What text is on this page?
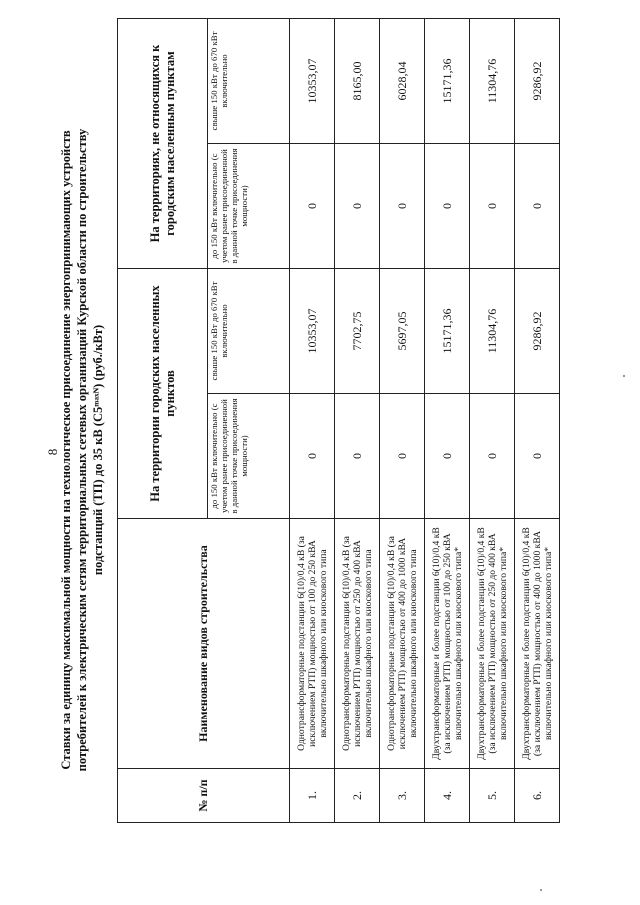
8 Ставки за единицу максимальной мощности на технологическое присоединение энергопринимающих устройств потребителей к электрическим сетям территориальных сетевых организаций Курской области по строительству подстанций (ТП) до 35 кВ (С5ᵐᵃˣᴺ) (руб./кВт)
№ п/п	Наименование видов строительства	На территории городских населенных пунктов		На территориях, не относящихся к городским населенным пунктам	
		до 150 кВт включительно (с учетом ранее присоединенной в данной точке присоединения мощности)	свыше 150 кВт до 670 кВт включительно	до 150 кВт включительно (с учетом ранее присоединенной в данной точке присоединения мощности)	свыше 150 кВт до 670 кВт включительно
1.	Однотрансформаторные подстанции 6(10)/0,4 кВ (за исключением РТП) мощностью от 100 до 250 кВА включительно шкафного или киоскового типа	0	10353,07	0	10353,07
2.	Однотрансформаторные подстанции 6(10)/0,4 кВ (за исключением РТП) мощностью от 250 до 400 кВА включительно шкафного или киоскового типа	0	7702,75	0	8165,00
3.	Однотрансформаторные подстанции 6(10)/0,4 кВ (за исключением РТП) мощностью от 400 до 1000 кВА включительно шкафного или киоскового типа	0	5697,05	0	6028,04
4.	Двухтрансформаторные и более подстанции 6(10)/0,4 кВ (за исключением РТП) мощностью от 100 до 250 кВА включительно шкафного или киоскового типа*	0	15171,36	0	15171,36
5.	Двухтрансформаторные и более подстанции 6(10)/0,4 кВ (за исключением РТП) мощностью от 250 до 400 кВА включительно шкафного или киоскового типа*	0	11304,76	0	11304,76
6.	Двухтрансформаторные и более подстанции 6(10)/0,4 кВ (за исключением РТП) мощностью от 400 до 1000 кВА включительно шкафного или киоскового типа*	0	9286,92	0	9286,92
